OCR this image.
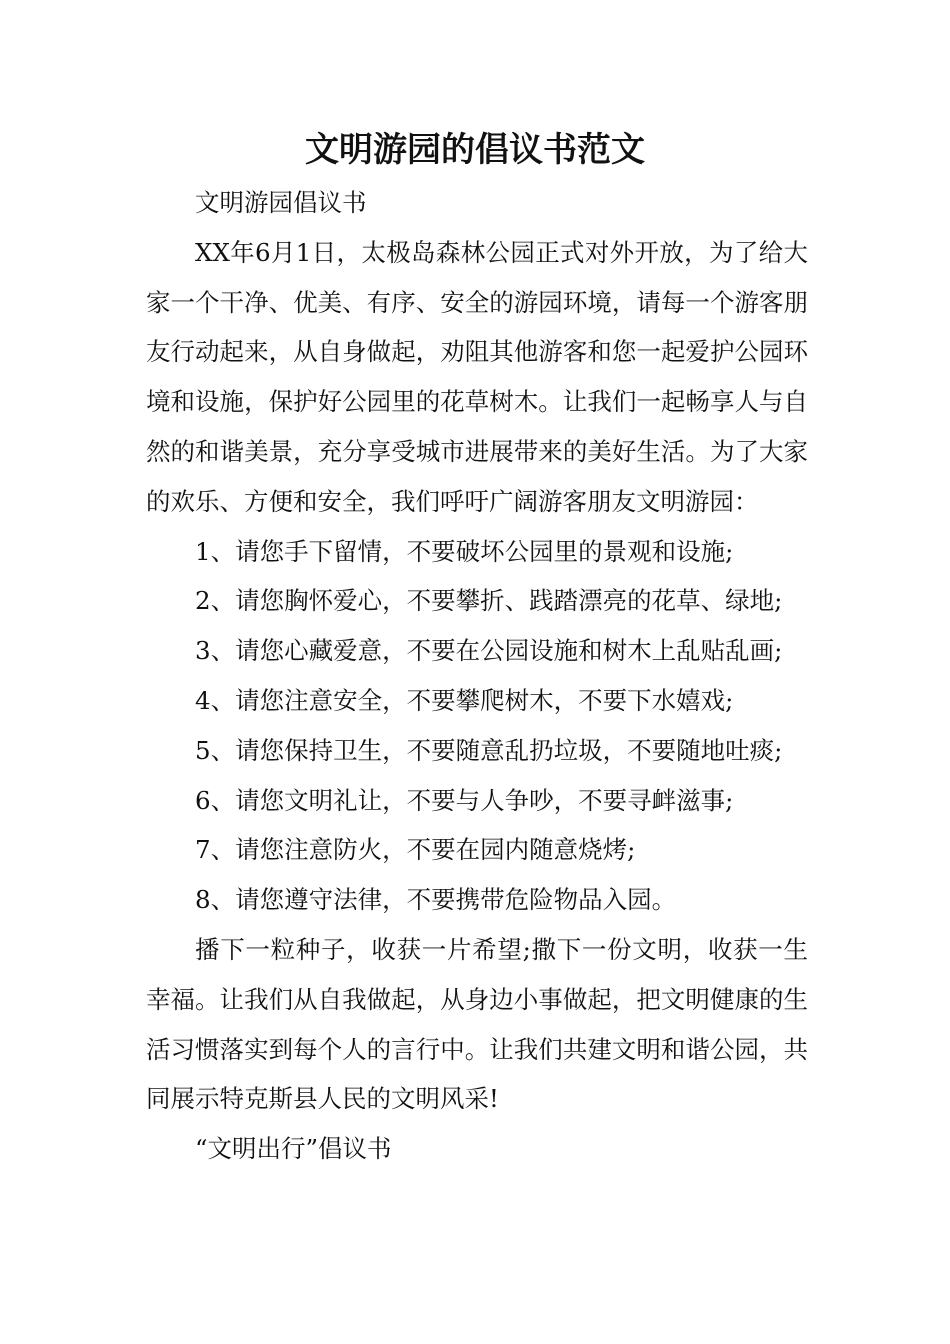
文明游园的倡议书范文

文明游园倡议书

XX年6月1日，太极岛森林公园正式对外开放，为了给大家一个干净、优美、有序、安全的游园环境，请每一个游客朋友行动起来，从自身做起，劝阻其他游客和您一起爱护公园环境和设施，保护好公园里的花草树木。让我们一起畅享人与自然的和谐美景，充分享受城市进展带来的美好生活。为了大家的欢乐、方便和安全，我们呼吁广阔游客朋友文明游园：

1、请您手下留情，不要破坏公园里的景观和设施;

2、请您胸怀爱心，不要攀折、践踏漂亮的花草、绿地;

3、请您心藏爱意，不要在公园设施和树木上乱贴乱画;

4、请您注意安全，不要攀爬树木，不要下水嬉戏;

5、请您保持卫生，不要随意乱扔垃圾，不要随地吐痰;

6、请您文明礼让，不要与人争吵，不要寻衅滋事;

7、请您注意防火，不要在园内随意烧烤;

8、请您遵守法律，不要携带危险物品入园。

播下一粒种子，收获一片希望;撒下一份文明，收获一生幸福。让我们从自我做起，从身边小事做起，把文明健康的生活习惯落实到每个人的言行中。让我们共建文明和谐公园，共同展示特克斯县人民的文明风采!

“文明出行”倡议书
